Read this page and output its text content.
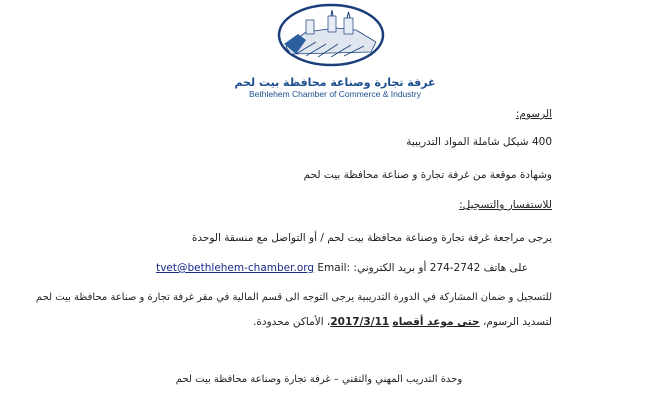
غرفة تجارة وصناعة محافظة بيت لحم
Bethlehem Chamber of Commerce & Industry
الرسوم:
400 شيكل شاملة المواد التدريبية
وشهادة موقعة من غرفة تجارة و صناعة محافظة بيت لحم
للاستفسار والتسجيل:
يرجى مراجعة غرفة تجارة وصناعة محافظة بيت لحم / أو التواصل مع منسقة الوحدة
على هاتف 2742-274 أو بريد الكتروني: tvet@bethlehem-chamber.org Email:
للتسجيل و ضمان المشاركة في الدورة التدريبية يرجى التوجه الى قسم المالية في مقر غرفة تجارة و صناعة محافظة بيت لحم
لتسديد الرسوم، حتى موعد أقصاه 2017/3/11، الأماكن محدودة.
وحدة التدريب المهني والتقني – غرفة تجارة وصناعة محافظة بيت لحم
